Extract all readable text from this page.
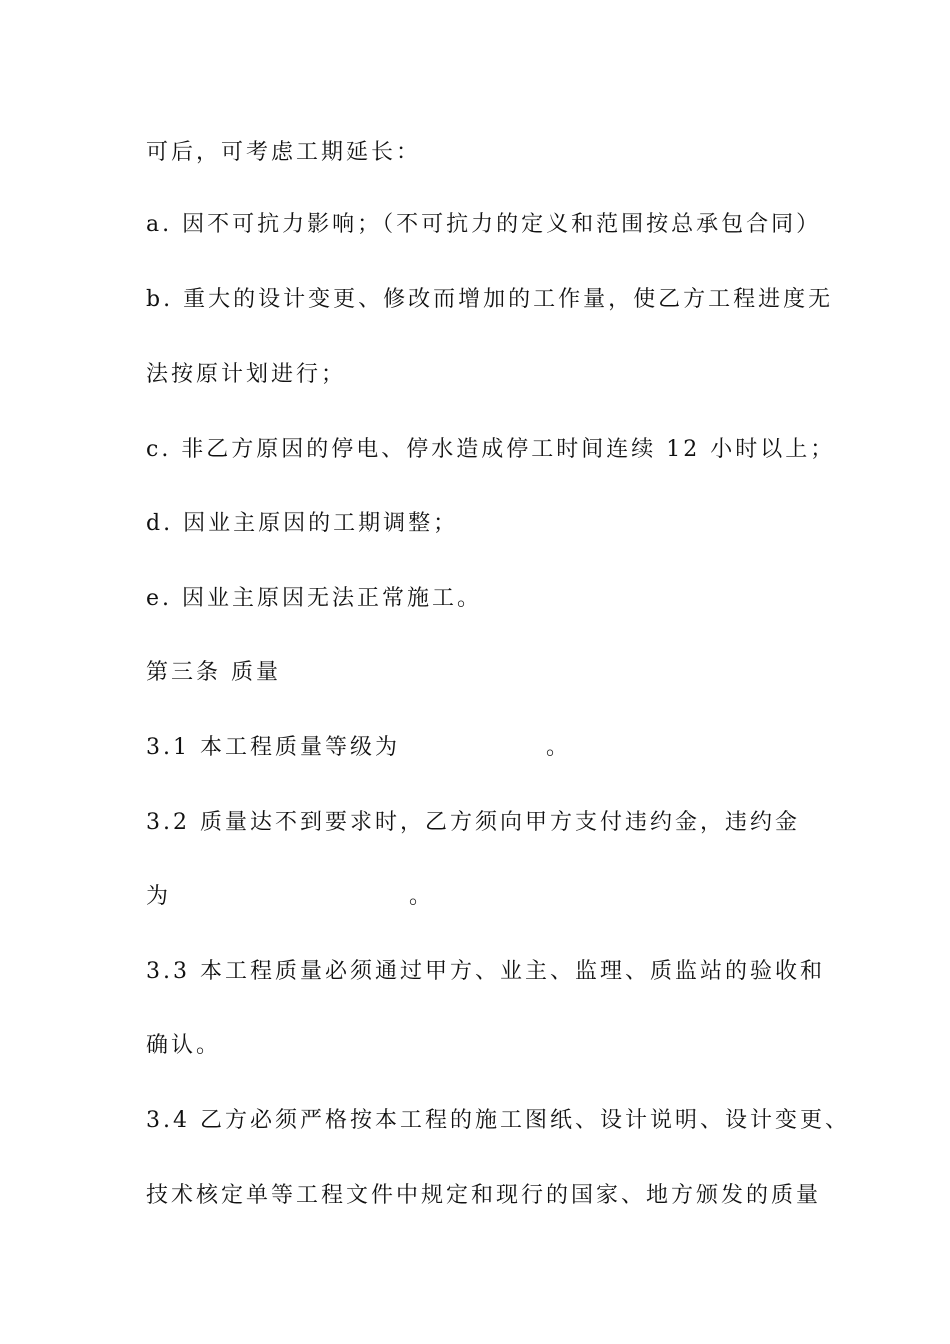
可后，可考虑工期延长：
a. 因不可抗力影响；（不可抗力的定义和范围按总承包合同）
b. 重大的设计变更、修改而增加的工作量，使乙方工程进度无
法按原计划进行；
c. 非乙方原因的停电、停水造成停工时间连续 12 小时以上；
d. 因业主原因的工期调整；
e. 因业主原因无法正常施工。
第三条 质量
3.1 本工程质量等级为	。
3.2 质量达不到要求时，乙方须向甲方支付违约金，违约金
为	。
3.3 本工程质量必须通过甲方、业主、监理、质监站的验收和
确认。
3.4 乙方必须严格按本工程的施工图纸、设计说明、设计变更、
技术核定单等工程文件中规定和现行的国家、地方颁发的质量
